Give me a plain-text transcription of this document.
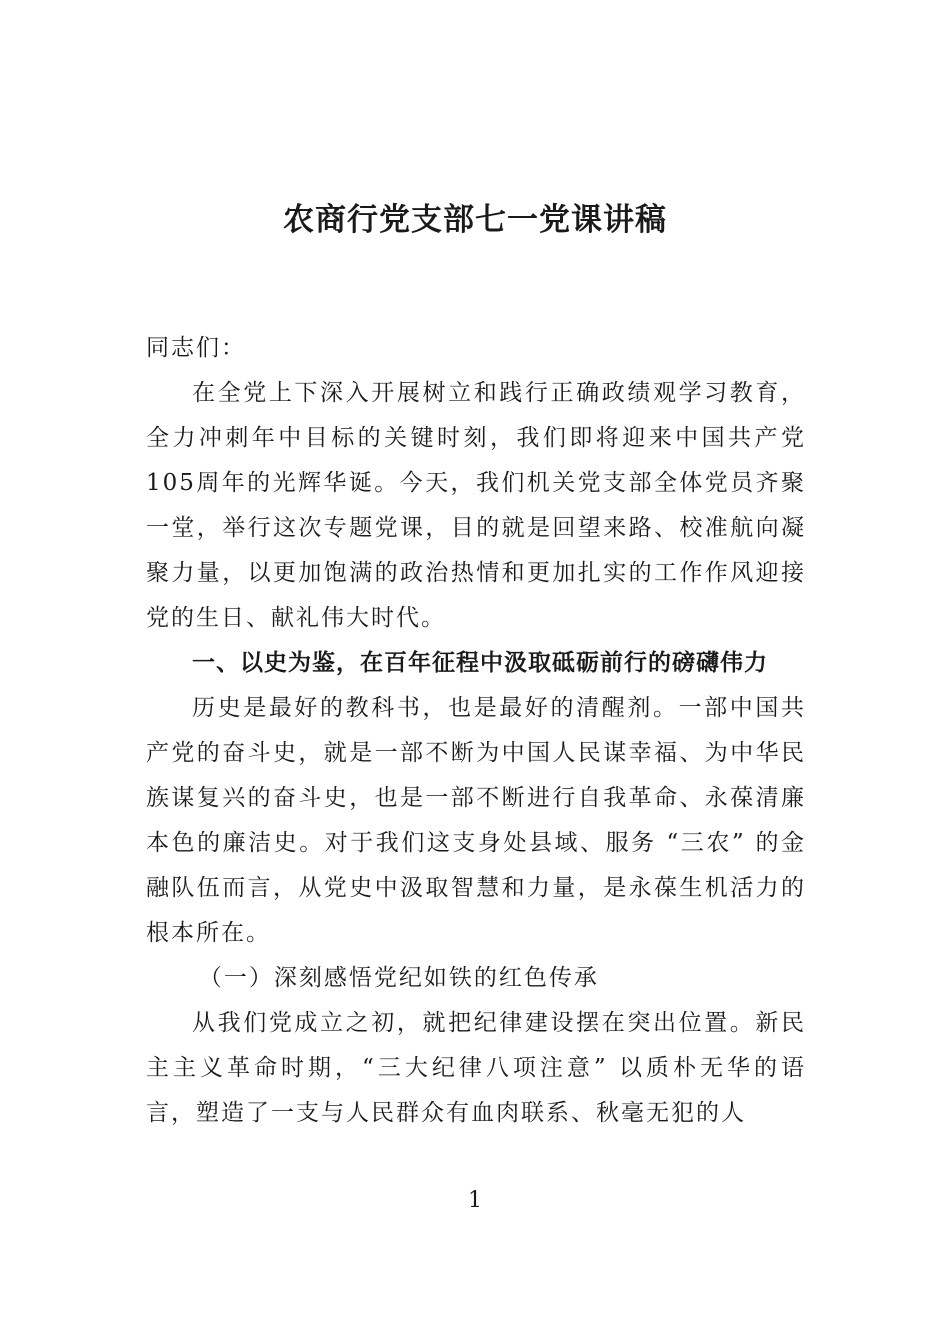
农商行党支部七一党课讲稿

同志们：

在全党上下深入开展树立和践行正确政绩观学习教育，全力冲刺年中目标的关键时刻，我们即将迎来中国共产党105周年的光辉华诞。今天，我们机关党支部全体党员齐聚一堂，举行这次专题党课，目的就是回望来路、校准航向凝聚力量，以更加饱满的政治热情和更加扎实的工作作风迎接党的生日、献礼伟大时代。

一、以史为鉴，在百年征程中汲取砥砺前行的磅礴伟力

历史是最好的教科书，也是最好的清醒剂。一部中国共产党的奋斗史，就是一部不断为中国人民谋幸福、为中华民族谋复兴的奋斗史，也是一部不断进行自我革命、永葆清廉本色的廉洁史。对于我们这支身处县域、服务 “三农” 的金融队伍而言，从党史中汲取智慧和力量，是永葆生机活力的根本所在。

（一）深刻感悟党纪如铁的红色传承

从我们党成立之初，就把纪律建设摆在突出位置。新民主主义革命时期，“三大纪律八项注意” 以质朴无华的语言，塑造了一支与人民群众有血肉联系、秋毫无犯的人

1
